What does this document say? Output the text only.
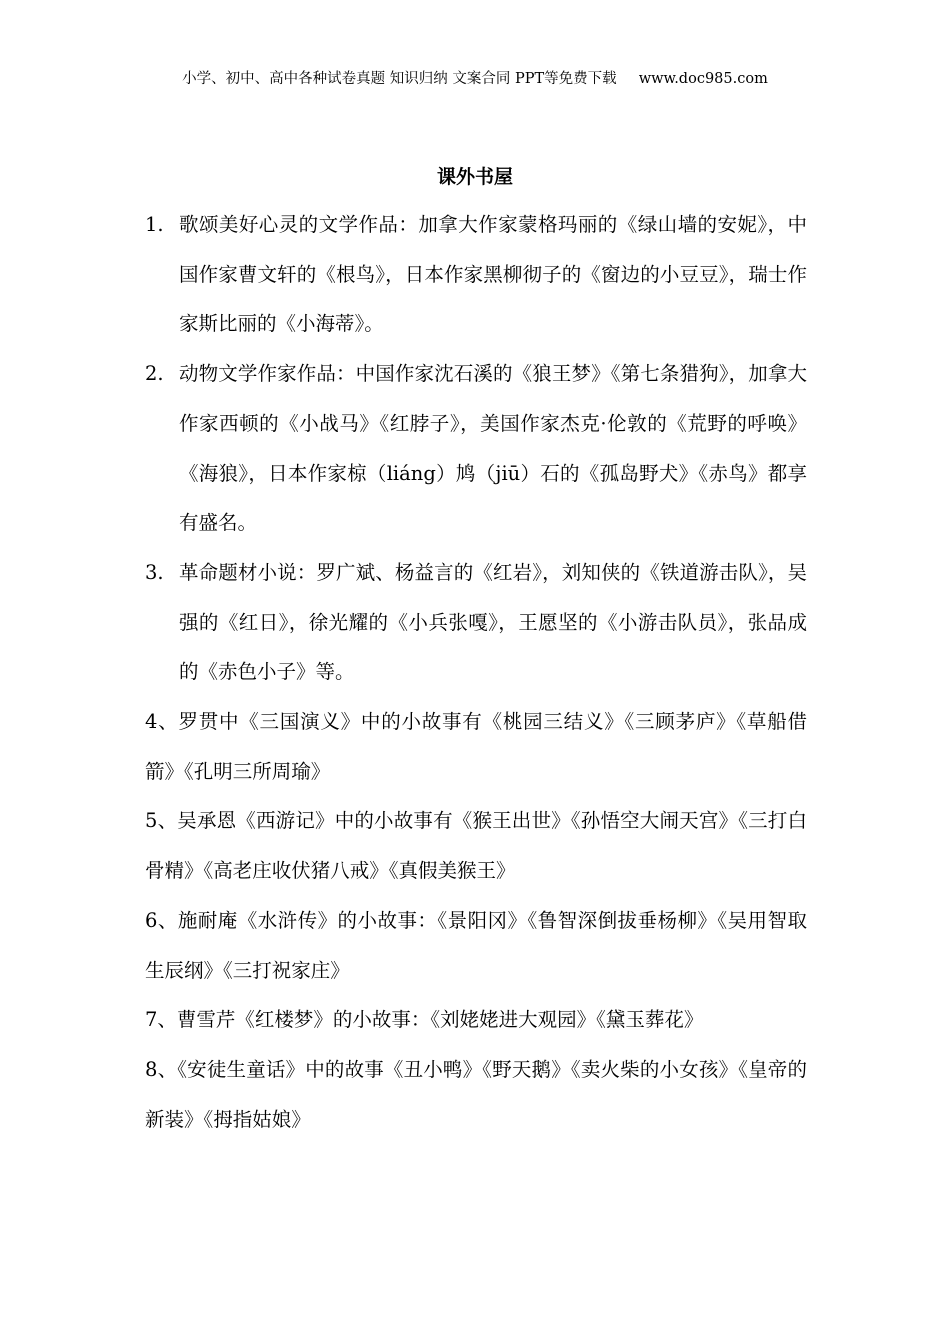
小学、初中、高中各种试卷真题 知识归纳 文案合同 PPT等免费下载 www.doc985.com
课外书屋
1. 歌颂美好心灵的文学作品：加拿大作家蒙格玛丽的《绿山墙的安妮》，中国作家曹文轩的《根鸟》，日本作家黑柳彻子的《窗边的小豆豆》，瑞士作家斯比丽的《小海蒂》。
2. 动物文学作家作品：中国作家沈石溪的《狼王梦》《第七条猎狗》，加拿大作家西顿的《小战马》《红脖子》，美国作家杰克·伦敦的《荒野的呼唤》《海狼》，日本作家椋（liáng）鸠（jiū）石的《孤岛野犬》《赤鸟》都享有盛名。
3. 革命题材小说：罗广斌、杨益言的《红岩》，刘知侠的《铁道游击队》，吴强的《红日》，徐光耀的《小兵张嘎》，王愿坚的《小游击队员》，张品成的《赤色小子》等。
4、罗贯中《三国演义》中的小故事有《桃园三结义》《三顾茅庐》《草船借箭》《孔明三所周瑜》
5、吴承恩《西游记》中的小故事有《猴王出世》《孙悟空大闹天宫》《三打白骨精》《高老庄收伏猪八戒》《真假美猴王》
6、施耐庵《水浒传》的小故事：《景阳冈》《鲁智深倒拔垂杨柳》《吴用智取生辰纲》《三打祝家庄》
7、曹雪芹《红楼梦》的小故事：《刘姥姥进大观园》《黛玉葬花》
8、《安徒生童话》中的故事《丑小鸭》《野天鹅》《卖火柴的小女孩》《皇帝的新装》《拇指姑娘》
